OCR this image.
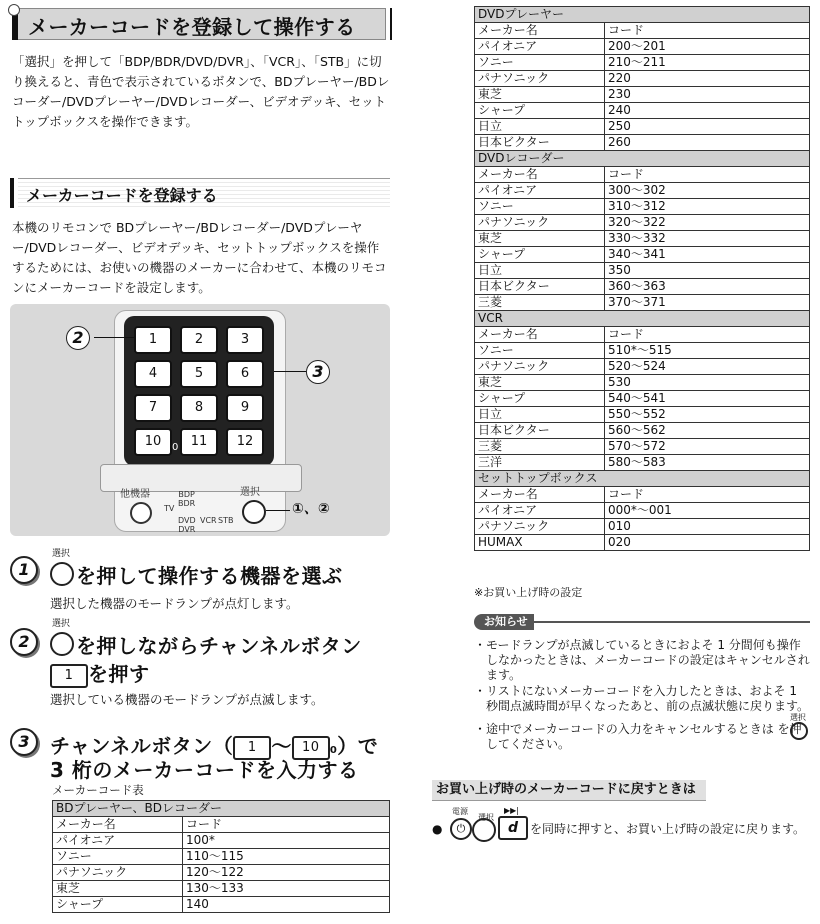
メーカーコードを登録して操作する
「選択」を押して「BDP/BDR/DVD/DVR」、「VCR」、「STB」に切り換えると、青色で表示されているボタンで、BDプレーヤー/BDレコーダー/DVDプレーヤー/DVDレコーダー、ビデオデッキ、セットトップボックスを操作できます。
メーカーコードを登録する
本機のリモコンで BDプレーヤー/BDレコーダー/DVDプレーヤー/DVDレコーダー、ビデオデッキ、セットトップボックスを操作するためには、お使いの機器のメーカーに合わせて、本機のリモコンにメーカーコードを設定します。
1	2	3
4	5	6
7	8	9
10	11	12
0
2
3
他機器
TV
BDP
BDR
DVD
DVR
VCR STB
選択
①、②
1
選択
を押して操作する機器を選ぶ
選択した機器のモードランプが点灯します。
2
選択
を押しながらチャンネルボタン
1 を押す
選択している機器のモードランプが点滅します。
3	チャンネルボタン（ 1 〜 10 0）で
3 桁のメーカーコードを入力する
メーカーコード表
BDプレーヤー、BDレコーダー	
メーカー名	コード
パイオニア	100*
ソニー	110～115
パナソニック	120～122
東芝	130～133
シャープ	140
DVDプレーヤー	
メーカー名	コード
パイオニア	200～201
ソニー	210～211
パナソニック	220
東芝	230
シャープ	240
日立	250
日本ビクター	260
DVDレコーダー	
メーカー名	コード
パイオニア	300～302
ソニー	310～312
パナソニック	320～322
東芝	330～332
シャープ	340～341
日立	350
日本ビクター	360～363
三菱	370～371
VCR	
メーカー名	コード
ソニー	510*～515
パナソニック	520～524
東芝	530
シャープ	540～541
日立	550～552
日本ビクター	560～562
三菱	570～572
三洋	580～583
セットトップボックス	
メーカー名	コード
パイオニア	000*～001
パナソニック	010
HUMAX	020
※お買い上げ時の設定
お知らせ
・ モードランプが点滅しているときにおよそ 1 分間何も操作しなかったときは、メーカーコードの設定はキャンセルされます。
・ リストにないメーカーコードを入力したときは、およそ 1 秒間点滅時間が早くなったあと、前の点滅状態に戻ります。
・ 途中でメーカーコードの入力をキャンセルするときは を押してください。
選択
お買い上げ時のメーカーコードに戻すときは
電源
選択
▶▶|
●	⏻	d を同時に押すと、お買い上げ時の設定に戻ります。
